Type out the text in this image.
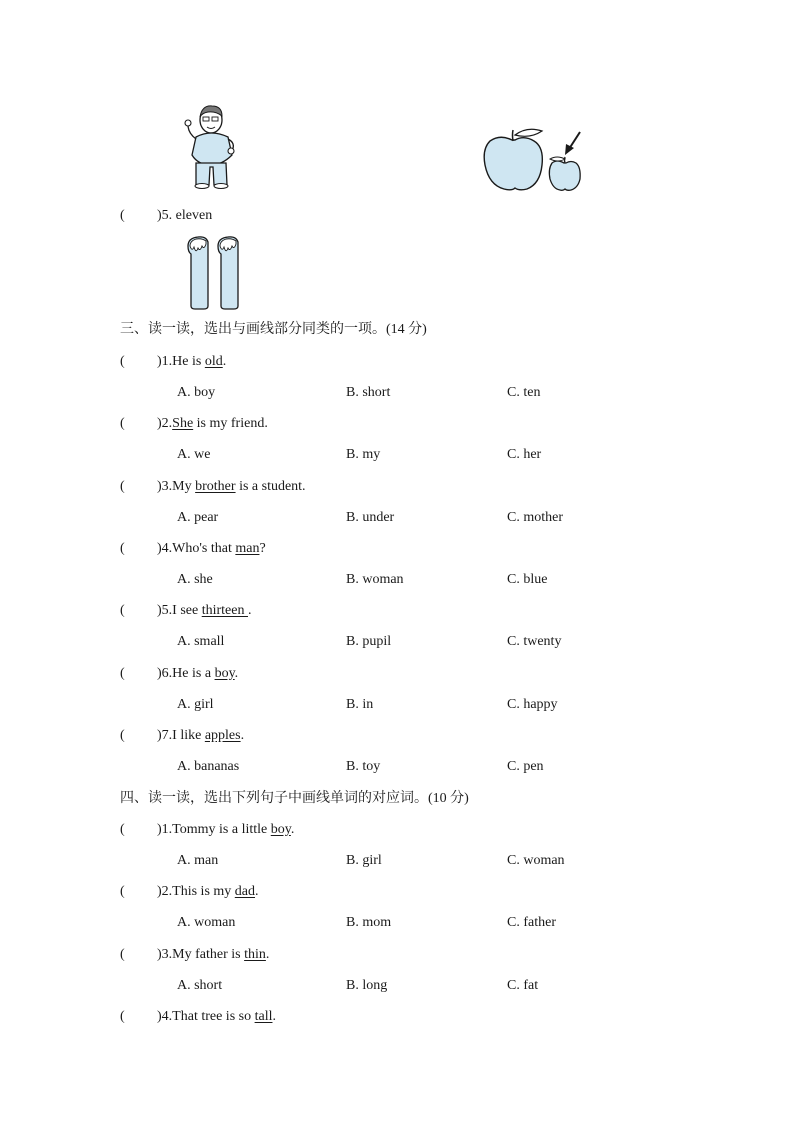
( )5. eleven
三、读一读，选出与画线部分同类的一项。(14 分)
( )1.He is old.
A. boy	B. short	C. ten
( )2.She is my friend.
A. we	B. my	C. her
( )3.My brother is a student.
A. pear	B. under	C. mother
( )4.Who's that man?
A. she	B. woman	C. blue
( )5.I see thirteen .
A. small	B. pupil	C. twenty
( )6.He is a boy.
A. girl	B. in	C. happy
( )7.I like apples.
A. bananas	B. toy	C. pen
四、读一读，选出下列句子中画线单词的对应词。(10 分)
( )1.Tommy is a little boy.
A. man	B. girl	C. woman
( )2.This is my dad.
A. woman	B. mom	C. father
( )3.My father is thin.
A. short	B. long	C. fat
( )4.That tree is so tall.
